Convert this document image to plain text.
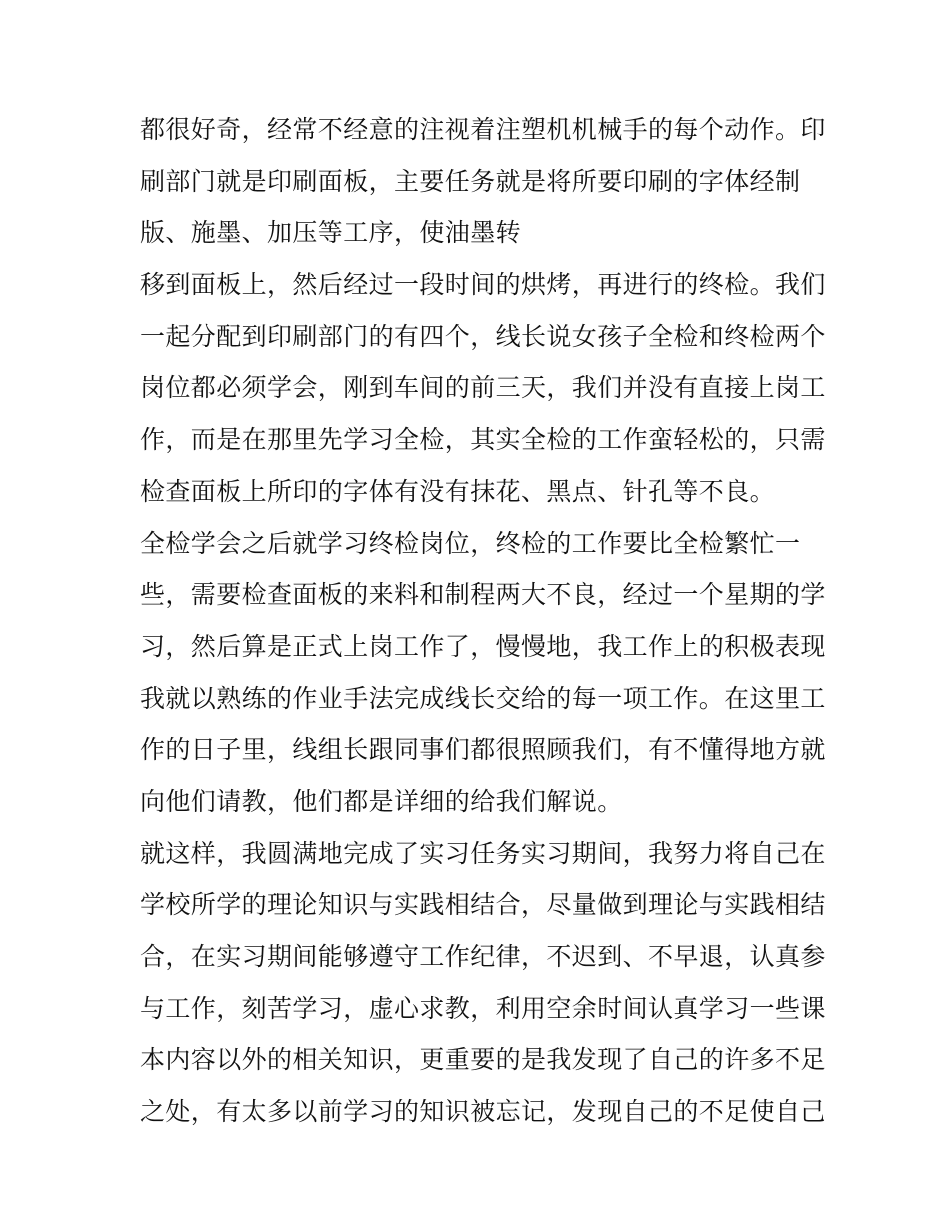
都很好奇，经常不经意的注视着注塑机机械手的每个动作。印
刷部门就是印刷面板，主要任务就是将所要印刷的字体经制
版、施墨、加压等工序，使油墨转
移到面板上，然后经过一段时间的烘烤，再进行的终检。我们
一起分配到印刷部门的有四个，线长说女孩子全检和终检两个
岗位都必须学会，刚到车间的前三天，我们并没有直接上岗工
作，而是在那里先学习全检，其实全检的工作蛮轻松的，只需
检查面板上所印的字体有没有抹花、黑点、针孔等不良。
全检学会之后就学习终检岗位，终检的工作要比全检繁忙一
些，需要检查面板的来料和制程两大不良，经过一个星期的学
习，然后算是正式上岗工作了，慢慢地，我工作上的积极表现
我就以熟练的作业手法完成线长交给的每一项工作。在这里工
作的日子里，线组长跟同事们都很照顾我们，有不懂得地方就
向他们请教，他们都是详细的给我们解说。
就这样，我圆满地完成了实习任务实习期间，我努力将自己在
学校所学的理论知识与实践相结合，尽量做到理论与实践相结
合，在实习期间能够遵守工作纪律，不迟到、不早退，认真参
与工作，刻苦学习，虚心求教，利用空余时间认真学习一些课
本内容以外的相关知识，更重要的是我发现了自己的许多不足
之处，有太多以前学习的知识被忘记，发现自己的不足使自己
